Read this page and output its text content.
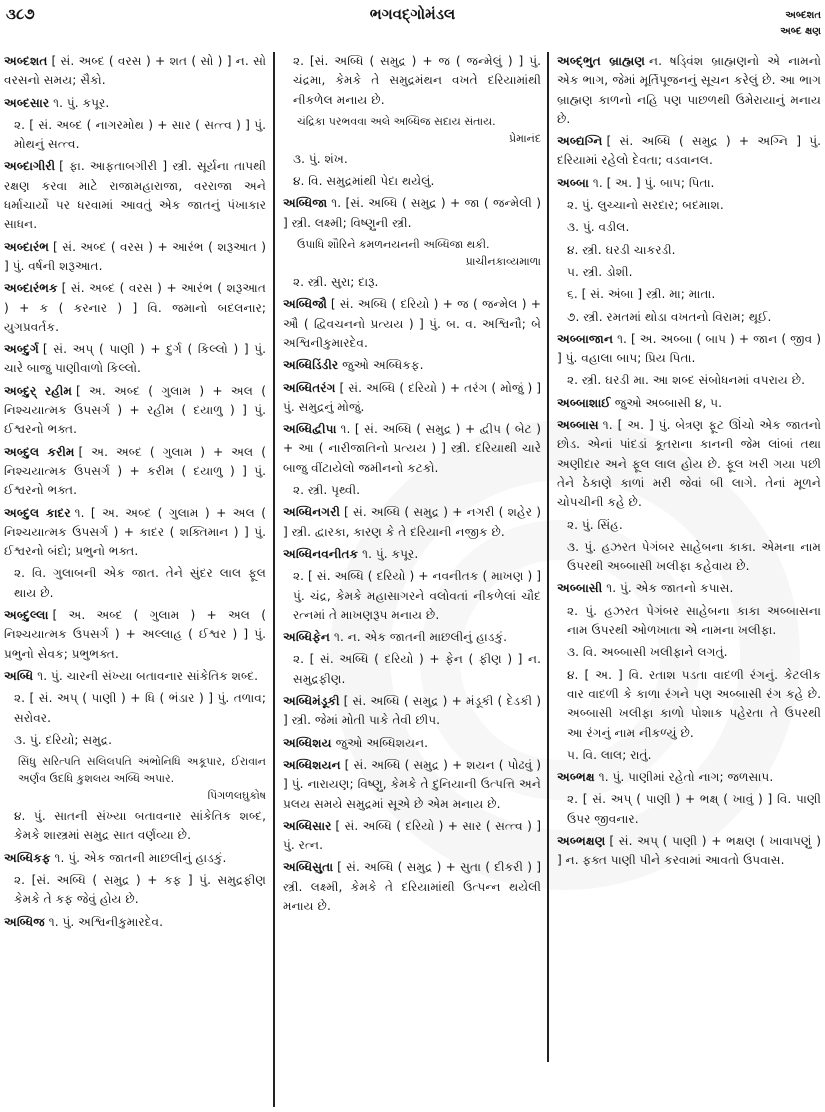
૩૮૭	ભગવદ્ગોમંડલ	અબ્દશત
અબ્દ ક્ષણ
અબ્દશત [ સં. અબ્દ ( વરસ ) + શત ( સો ) ] ન. સો વરસનો સમય; સૈકો.
અબ્દસાર ૧. પું. કપૂર.
૨. [ સં. અબ્દ ( નાગરમોથ ) + સાર ( સત્ત્વ ) ] પું. મોથનું સત્ત્વ.
અબ્દાગીરી [ ફા. આફતાબગીરી ] સ્ત્રી. સૂર્યના તાપથી રક્ષણ કરવા માટે રાજામહારાજા, વરરાજા અને ધર્માચાર્યો પર ધરવામાં આવતું એક જાતનું પંખાકાર સાધન.
અબ્દારંભ [ સં. અબ્દ ( વરસ ) + આરંભ ( શરૂઆત ) ] પું. વર્ષની શરૂઆત.
અબ્દારંભક [ સં. અબ્દ ( વરસ ) + આરંભ ( શરૂઆત ) + ક ( કરનાર ) ] વિ. જમાનો બદલનાર; યુગપ્રવર્તક.
અબ્દુર્ગ [ સં. અપ્ ( પાણી ) + દુર્ગ ( કિલ્લો ) ] પું. ચારે બાજુ પાણીવાળો કિલ્લો.
અબ્દુર્ રહીમ [ અ. અબ્દ ( ગુલામ ) + અલ ( નિશ્ચયાત્મક ઉપસર્ગ ) + રહીમ ( દયાળુ ) ] પું. ઈશ્વરનો ભક્ત.
અબ્દુલ કરીમ [ અ. અબ્દ ( ગુલામ ) + અલ ( નિશ્ચયાત્મક ઉપસર્ગ ) + કરીમ ( દયાળુ ) ] પું. ઈશ્વરનો ભક્ત.
અબ્દુલ કાદર ૧. [ અ. અબ્દ ( ગુલામ ) + અલ ( નિશ્ચયાત્મક ઉપસર્ગ ) + કાદર ( શક્તિમાન ) ] પું. ઈશ્વરનો બંદો; પ્રભુનો ભક્ત.
૨. વિ. ગુલાબની એક જાત. તેને સુંદર લાલ ફૂલ થાય છે.
અબ્દુલ્લા [ અ. અબ્દ ( ગુલામ ) + અલ ( નિશ્ચયાત્મક ઉપસર્ગ ) + અલ્લાહ ( ઈશ્વર ) ] પું. પ્રભુનો સેવક; પ્રભુભક્ત.
અબ્ધિ ૧. પું. ચારની સંખ્યા બતાવનાર સાંકેતિક શબ્દ.
૨. [ સં. અપ્ ( પાણી ) + ધિ ( ભંડાર ) ] પું. તળાવ; સરોવર.
૩. પું. દરિયો; સમુદ્ર.
સિંધુ સરિત્પતિ સલિલપતિ અંભોનિધિ અકૂપાર, ઈરાવાન અર્ણવ ઉદધિ કુશલય અબ્ધિ અપાર.
પિંગળલઘુકોષ
૪. પું. સાતની સંખ્યા બતાવનાર સાંકેતિક શબ્દ, કેમકે શાસ્ત્રમાં સમુદ્ર સાત વર્ણવ્યા છે.
અબ્ધિકફ ૧. પું. એક જાતની માછલીનું હાડકું.
૨. [સં. અબ્ધિ ( સમુદ્ર ) + કફ ] પું. સમુદ્રફીણ કેમકે તે કફ જેવું હોય છે.
અબ્ધિજ ૧. પું. અશ્વિનીકુમારદેવ.
૨. [સં. અબ્ધિ ( સમુદ્ર ) + જ ( જન્મેલું ) ] પું. ચંદ્રમા, કેમકે તે સમુદ્રમંથન વખતે દરિયામાંથી નીકળેલ મનાય છે.
ચંદ્રિકા પરભવવા અલે અબ્ધિજ સદાય સંતાય.
પ્રેમાનંદ
૩. પું. શંખ.
૪. વિ. સમુદ્રમાંથી પેદા થયેલું.
અબ્ધિજા ૧. [સં. અબ્ધિ ( સમુદ્ર ) + જા ( જન્મેલી ) ] સ્ત્રી. લક્ષ્મી; વિષ્ણુની સ્ત્રી.
ઉપાધિ શૌરિને કમળનયનની અબ્ધિજા થકી.
પ્રાચીનકાવ્યમાળા
૨. સ્ત્રી. સુરા; દારૂ.
અબ્ધિજૌ [ સં. અબ્ધિ ( દરિયો ) + જ ( જન્મેલ ) + ઔ ( દ્વિવચનનો પ્રત્યય ) ] પું. બ. વ. અશ્વિનૌ; બે અશ્વિનીકુમારદેવ.
અબ્ધિડિંડીર જુઓ અબ્ધિકફ.
અબ્ધિતરંગ [ સં. અબ્ધિ ( દરિયો ) + તરંગ ( મોજું ) ] પું. સમુદ્રનું મોજું.
અબ્ધિદ્વીપા ૧. [ સં. અબ્ધિ ( સમુદ્ર ) + દ્વીપ ( બેટ ) + આ ( નારીજાતિનો પ્રત્યય ) ] સ્ત્રી. દરિયાથી ચારે બાજુ વીંટાયેલો જમીનનો કટકો.
૨. સ્ત્રી. પૃથ્વી.
અબ્ધિનગરી [ સં. અબ્ધિ ( સમુદ્ર ) + નગરી ( શહેર ) ] સ્ત્રી. દ્વારકા, કારણ કે તે દરિયાની નજીક છે.
અબ્ધિનવનીતક ૧. પું. કપૂર.
૨. [ સં. અબ્ધિ ( દરિયો ) + નવનીતક ( માખણ ) ] પું. ચંદ્ર, કેમકે મહાસાગરને વલોવતાં નીકળેલાં ચૌદ રત્નમાં તે માખણરૂપ મનાય છે.
અબ્ધિફેન ૧. ન. એક જાતની માછલીનું હાડકું.
૨. [ સં. અબ્ધિ ( દરિયો ) + ફેન ( ફીણ ) ] ન. સમુદ્રફીણ.
અબ્ધિમંડૂકી [ સં. અબ્ધિ ( સમુદ્ર ) + મંડૂકી ( દેડકી ) ] સ્ત્રી. જેમાં મોતી પાકે તેવી છીપ.
અબ્ધિશય જુઓ અબ્ધિશયન.
અબ્ધિશયન [ સં. અબ્ધિ ( સમુદ્ર ) + શયન ( પોઢવું ) ] પું. નારાયણ; વિષ્ણુ, કેમકે તે દુનિયાની ઉત્પત્તિ અને પ્રલય સમયે સમુદ્રમાં સૂએ છે એમ મનાય છે.
અબ્ધિસાર [ સં. અબ્ધિ ( દરિયો ) + સાર ( સત્ત્વ ) ] પું. રત્ન.
અબ્ધિસુતા [ સં. અબ્ધિ ( સમુદ્ર ) + સુતા ( દીકરી ) ] સ્ત્રી. લક્ષ્મી, કેમકે તે દરિયામાંથી ઉત્પન્ન થયેલી મનાય છે.
અબ્દ્ભુત બ્રાહ્મણ ન. ષડ્વિંશ બ્રાહ્મણનો એ નામનો એક ભાગ, જેમાં મૂર્તિપૂજનનું સૂચન કરેલું છે. આ ભાગ બ્રાહ્મણ કાળનો નહિ પણ પાછળથી ઉમેરાયાનું મનાય છે.
અબ્દ્યગ્નિ [ સં. અબ્ધિ ( સમુદ્ર ) + અગ્નિ ] પું. દરિયામાં રહેલો દેવતા; વડવાનલ.
અબ્બા ૧. [ અ. ] પું. બાપ; પિતા.
૨. પું. લુચ્ચાનો સરદાર; બદમાશ.
૩. પું. વડીલ.
૪. સ્ત્રી. ઘરડી ચાકરડી.
૫. સ્ત્રી. ડોશી.
૬. [ સં. અંબા ] સ્ત્રી. મા; માતા.
૭. સ્ત્રી. રમતમાં થોડા વખતનો વિરામ; થૂઈ.
અબ્બાજાન ૧. [ અ. અબ્બા ( બાપ ) + જાન ( જીવ ) ] પું. વહાલા બાપ; પ્રિય પિતા.
૨. સ્ત્રી. ઘરડી મા. આ શબ્દ સંબોધનમાં વપરાય છે.
અબ્બાશાઈ જુઓ અબ્બાસી ૪, ૫.
અબ્બાસ ૧. [ અ. ] પું. બેત્રણ ફૂટ ઊંચો એક જાતનો છોડ. એનાં પાંદડાં કૂતરાના કાનની જેમ લાંબાં તથા અણીદાર અને ફૂલ લાલ હોય છે. ફૂલ ખરી ગયા પછી તેને ઠેકાણે કાળાં મરી જેવાં બી લાગે. તેનાં મૂળને ચોપચીની કહે છે.
૨. પું. સિંહ.
૩. પું. હઝરત પેગંબર સાહેબના કાકા. એમના નામ ઉપરથી અબ્બાસી ખલીફા કહેવાય છે.
અબ્બાસી ૧. પું. એક જાતનો કપાસ.
૨. પું. હઝરત પેગંબર સાહેબના કાકા અબ્બાસના નામ ઉપરથી ઓળખાતા એ નામના ખલીફા.
૩. વિ. અબ્બાસી ખલીફાને લગતું.
૪. [ અ. ] વિ. રતાશ પડતા વાદળી રંગનું. કેટલીક વાર વાદળી કે કાળા રંગને પણ અબ્બાસી રંગ કહે છે. અબ્બાસી ખલીફા કાળો પોશાક પહેરતા તે ઉપરથી આ રંગનું નામ નીકળ્યું છે.
૫. વિ. લાલ; રાતું.
અબ્ભક્ષ ૧. પું. પાણીમાં રહેતો નાગ; જળસાપ.
૨. [ સં. અપ્ ( પાણી ) + ભક્ષ્ ( ખાવું ) ] વિ. પાણી ઉપર જીવનાર.
અબ્ભક્ષણ [ સં. અપ્ ( પાણી ) + ભક્ષણ ( ખાવાપણું ) ] ન. ફક્ત પાણી પીને કરવામાં આવતો ઉપવાસ.
